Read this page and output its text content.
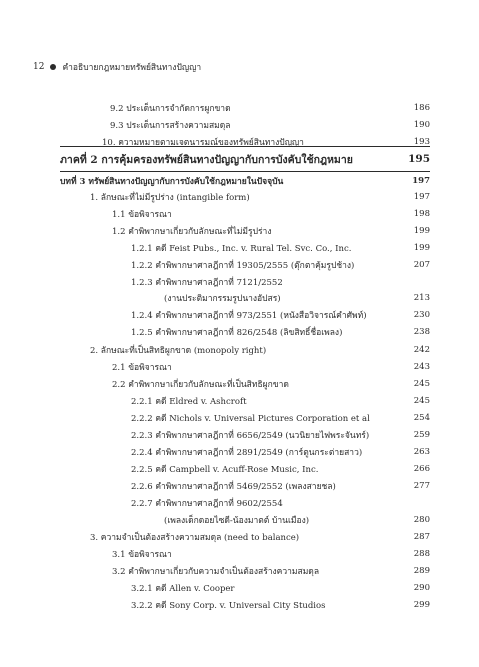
12 คำอธิบายกฎหมายทรัพย์สินทางปัญญา
9.2 ประเด็นการจำกัดการผูกขาด	186
9.3 ประเด็นการสร้างความสมดุล	190
10. ความหมายตามเจตนารมณ์ของทรัพย์สินทางปัญญา	193
ภาคที่ 2 การคุ้มครองทรัพย์สินทางปัญญากับการบังคับใช้กฎหมาย	195
บทที่ 3 ทรัพย์สินทางปัญญากับการบังคับใช้กฎหมายในปัจจุบัน	197
1. ลักษณะที่ไม่มีรูปร่าง (intangible form)	197
1.1 ข้อพิจารณา	198
1.2 คำพิพากษาเกี่ยวกับลักษณะที่ไม่มีรูปร่าง	199
1.2.1 คดี Feist Pubs., Inc. v. Rural Tel. Svc. Co., Inc.	199
1.2.2 คำพิพากษาศาลฎีกาที่ 19305/2555 (ตุ๊กตาคุ้มรูปช้าง)	207
1.2.3 คำพิพากษาศาลฎีกาที่ 7121/2552
(งานประติมากรรมรูปนางอัปสร)	213
1.2.4 คำพิพากษาศาลฎีกาที่ 973/2551 (หนังสือวิจารณ์คำศัพท์)	230
1.2.5 คำพิพากษาศาลฎีกาที่ 826/2548 (ลิขสิทธิ์ชื่อเพลง)	238
2. ลักษณะที่เป็นสิทธิผูกขาด (monopoly right)	242
2.1 ข้อพิจารณา	243
2.2 คำพิพากษาเกี่ยวกับลักษณะที่เป็นสิทธิผูกขาด	245
2.2.1 คดี Eldred v. Ashcroft	245
2.2.2 คดี Nichols v. Universal Pictures Corporation et al	254
2.2.3 คำพิพากษาศาลฎีกาที่ 6656/2549 (นวนิยายไฟพระจันทร์)	259
2.2.4 คำพิพากษาศาลฎีกาที่ 2891/2549 (การ์ตูนกระต่ายสาว)	263
2.2.5 คดี Campbell v. Acuff-Rose Music, Inc.	266
2.2.6 คำพิพากษาศาลฎีกาที่ 5469/2552 (เพลงสายชล)	277
2.2.7 คำพิพากษาศาลฎีกาที่ 9602/2554
(เพลงเด็กดอยไซดี-น้องมาตต์ บ้านเมือง)	280
3. ความจำเป็นต้องสร้างความสมดุล (need to balance)	287
3.1 ข้อพิจารณา	288
3.2 คำพิพากษาเกี่ยวกับความจำเป็นต้องสร้างความสมดุล	289
3.2.1 คดี Allen v. Cooper	290
3.2.2 คดี Sony Corp. v. Universal City Studios	299
